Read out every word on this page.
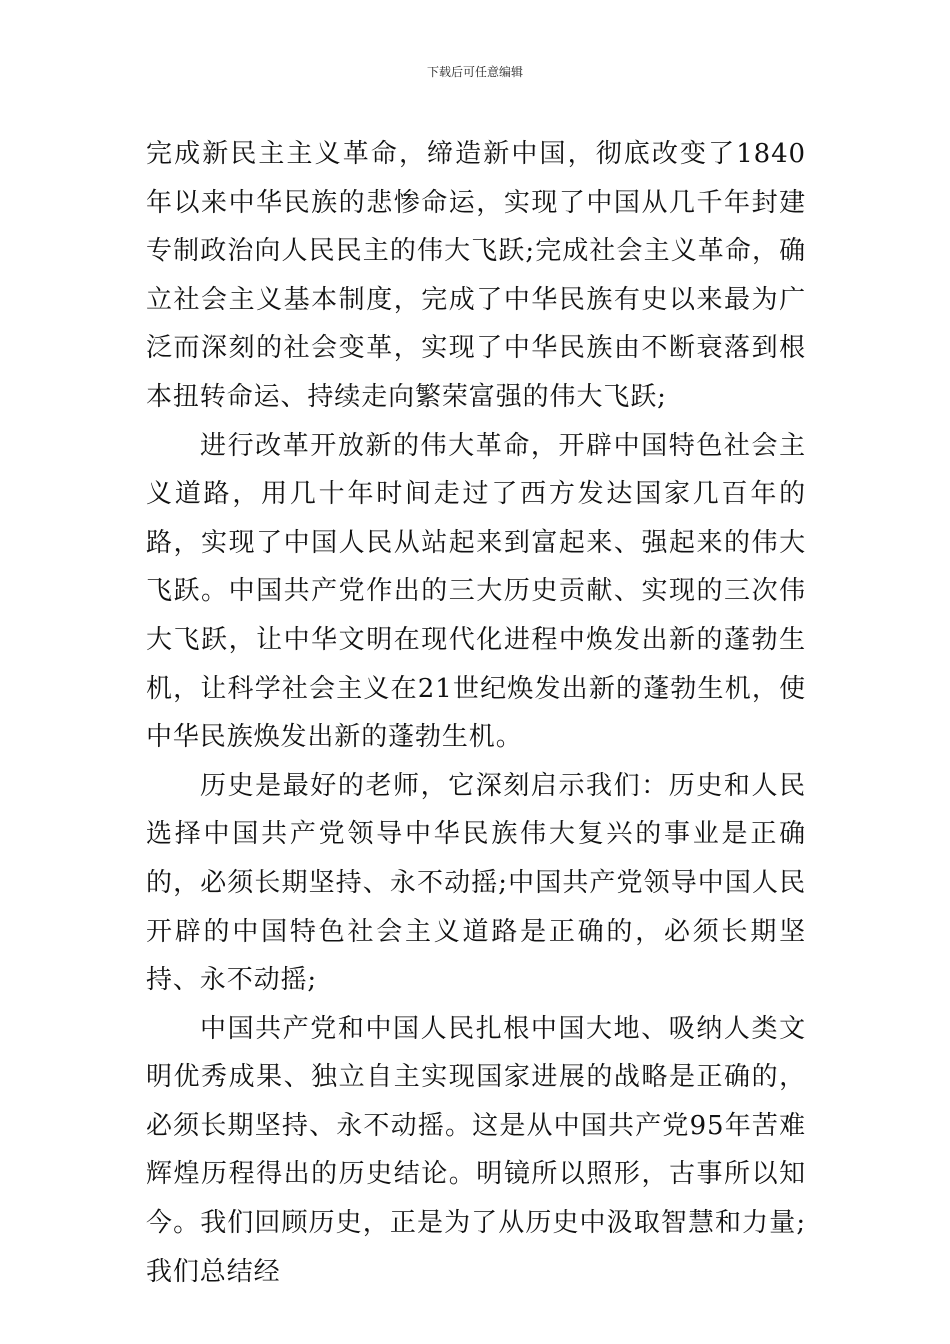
下载后可任意编辑

完成新民主主义革命，缔造新中国，彻底改变了1840年以来中华民族的悲惨命运，实现了中国从几千年封建专制政治向人民民主的伟大飞跃;完成社会主义革命，确立社会主义基本制度，完成了中华民族有史以来最为广泛而深刻的社会变革，实现了中华民族由不断衰落到根本扭转命运、持续走向繁荣富强的伟大飞跃;

进行改革开放新的伟大革命，开辟中国特色社会主义道路，用几十年时间走过了西方发达国家几百年的路，实现了中国人民从站起来到富起来、强起来的伟大飞跃。中国共产党作出的三大历史贡献、实现的三次伟大飞跃，让中华文明在现代化进程中焕发出新的蓬勃生机，让科学社会主义在21世纪焕发出新的蓬勃生机，使中华民族焕发出新的蓬勃生机。

历史是最好的老师，它深刻启示我们：历史和人民选择中国共产党领导中华民族伟大复兴的事业是正确的，必须长期坚持、永不动摇;中国共产党领导中国人民开辟的中国特色社会主义道路是正确的，必须长期坚持、永不动摇;

中国共产党和中国人民扎根中国大地、吸纳人类文明优秀成果、独立自主实现国家进展的战略是正确的，必须长期坚持、永不动摇。这是从中国共产党95年苦难辉煌历程得出的历史结论。明镜所以照形，古事所以知今。我们回顾历史，正是为了从历史中汲取智慧和力量;我们总结经
